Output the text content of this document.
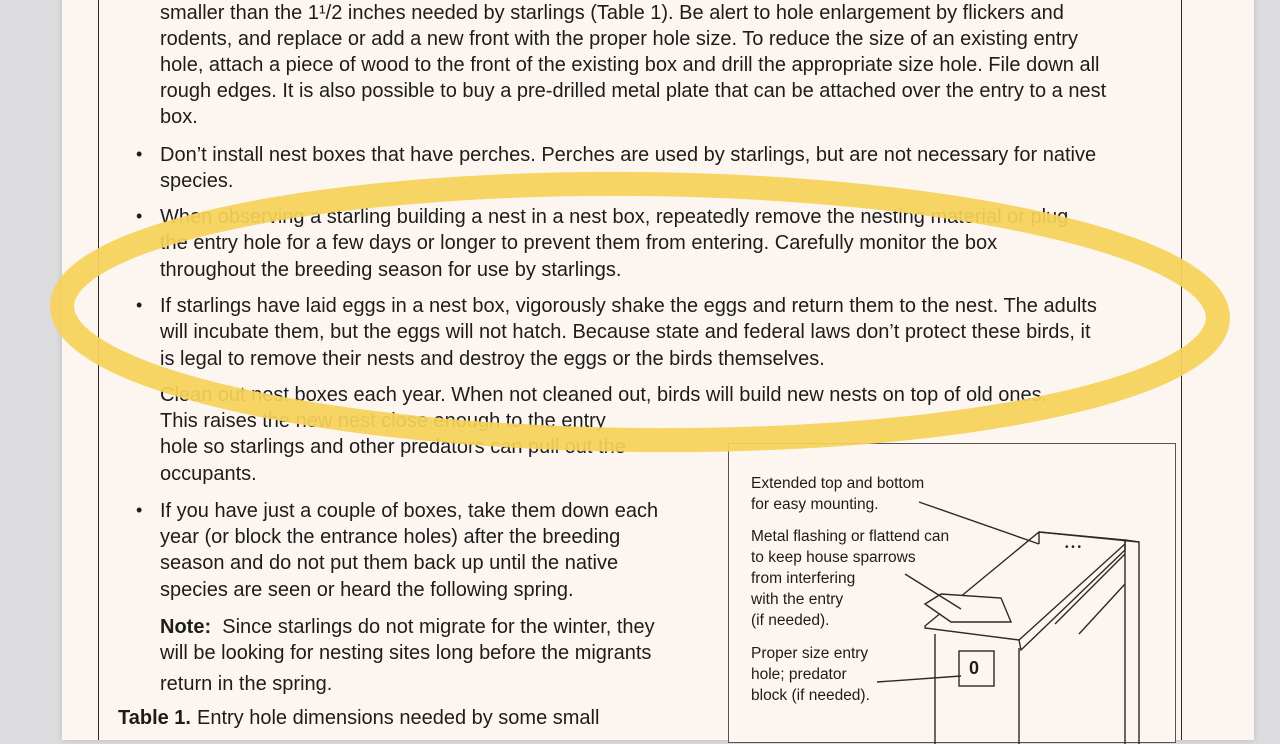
smaller than the 1¹/2 inches needed by starlings (Table 1). Be alert to hole enlargement by flickers and

rodents, and replace or add a new front with the proper hole size. To reduce the size of an existing entry

hole, attach a piece of wood to the front of the existing box and drill the appropriate size hole. File down all

rough edges. It is also possible to buy a pre-drilled metal plate that can be attached over the entry to a nest

box.

• Don’t install nest boxes that have perches. Perches are used by starlings, but are not necessary for native

species.

• When observing a starling building a nest in a nest box, repeatedly remove the nesting material or plug

the entry hole for a few days or longer to prevent them from entering. Carefully monitor the box

throughout the breeding season for use by starlings.

• If starlings have laid eggs in a nest box, vigorously shake the eggs and return them to the nest. The adults

will incubate them, but the eggs will not hatch. Because state and federal laws don’t protect these birds, it

is legal to remove their nests and destroy the eggs or the birds themselves.

Clean out nest boxes each year. When not cleaned out, birds will build new nests on top of old ones.

This raises the new nest close enough to the entry

hole so starlings and other predators can pull out the

occupants.

• If you have just a couple of boxes, take them down each

year (or block the entrance holes) after the breeding

season and do not put them back up until the native

species are seen or heard the following spring.

Note: Since starlings do not migrate for the winter, they

will be looking for nesting sites long before the migrants

return in the spring.

Table 1. Entry hole dimensions needed by some small
• • •
0

Extended top and bottom

for easy mounting.

Metal flashing or flattend can

to keep house sparrows

from interfering

with the entry

(if needed).

Proper size entry

hole; predator

block (if needed).
